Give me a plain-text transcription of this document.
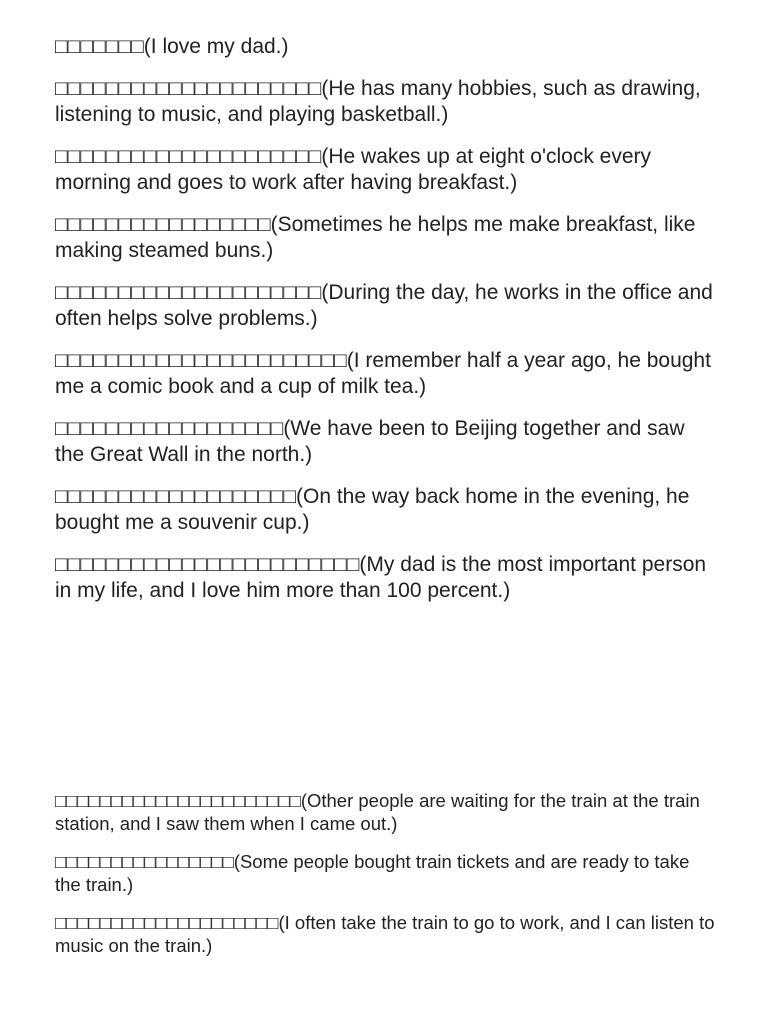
□□□□□□□(I love my dad.)

□□□□□□□□□□□□□□□□□□□□□(He has many hobbies, such as drawing, listening to music, and playing basketball.)

□□□□□□□□□□□□□□□□□□□□□(He wakes up at eight o'clock every morning and goes to work after having breakfast.)

□□□□□□□□□□□□□□□□□(Sometimes he helps me make breakfast, like making steamed buns.)

□□□□□□□□□□□□□□□□□□□□□(During the day, he works in the office and often helps solve problems.)

□□□□□□□□□□□□□□□□□□□□□□□(I remember half a year ago, he bought me a comic book and a cup of milk tea.)

□□□□□□□□□□□□□□□□□□(We have been to Beijing together and saw the Great Wall in the north.)

□□□□□□□□□□□□□□□□□□□(On the way back home in the evening, he bought me a souvenir cup.)

□□□□□□□□□□□□□□□□□□□□□□□□(My dad is the most important person in my life, and I love him more than 100 percent.)

□□□□□□□□□□□□□□□□□□□□□□(Other people are waiting for the train at the train station, and I saw them when I came out.)

□□□□□□□□□□□□□□□□(Some people bought train tickets and are ready to take the train.)

□□□□□□□□□□□□□□□□□□□□(I often take the train to go to work, and I can listen to music on the train.)
